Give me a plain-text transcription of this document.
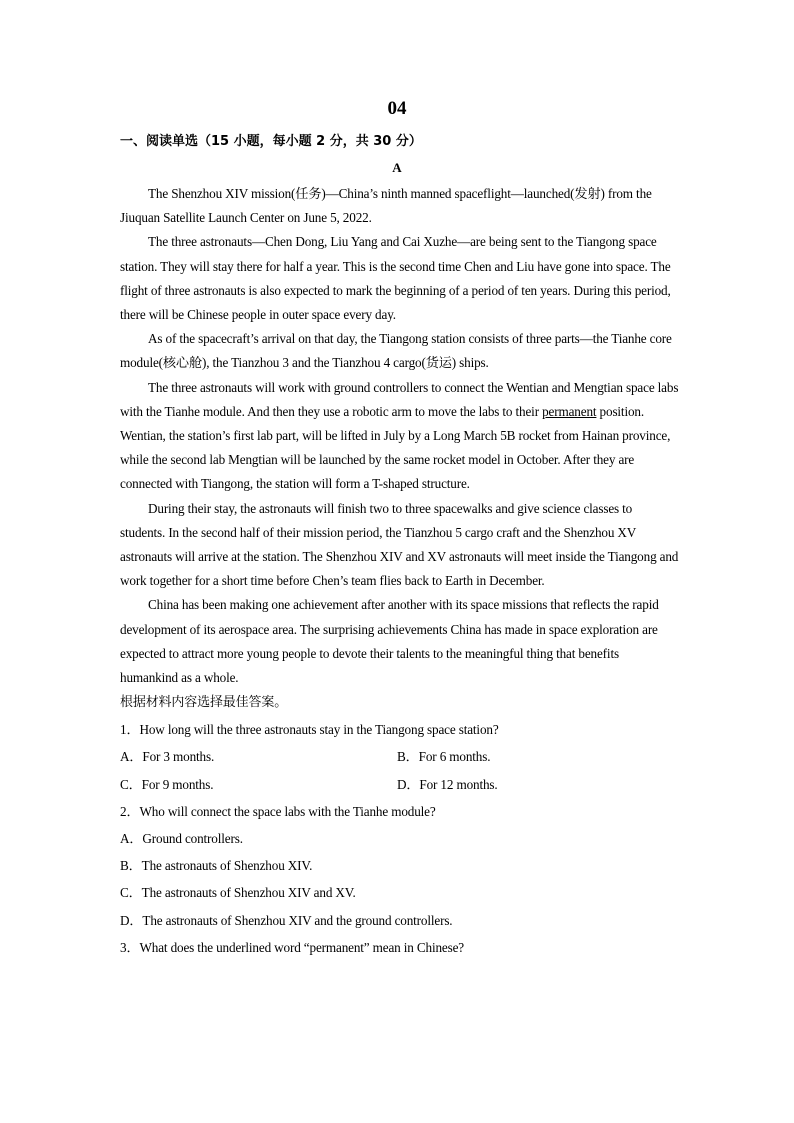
04
一、阅读单选（15 小题，每小题 2 分，共 30 分）
A

The Shenzhou XIV mission(任务)—China’s ninth manned spaceflight—launched(发射) from the Jiuquan Satellite Launch Center on June 5, 2022.

The three astronauts—Chen Dong, Liu Yang and Cai Xuzhe—are being sent to the Tiangong space station. They will stay there for half a year. This is the second time Chen and Liu have gone into space. The flight of three astronauts is also expected to mark the beginning of a period of ten years. During this period, there will be Chinese people in outer space every day.

As of the spacecraft’s arrival on that day, the Tiangong station consists of three parts—the Tianhe core module(核心舱), the Tianzhou 3 and the Tianzhou 4 cargo(货运) ships.

The three astronauts will work with ground controllers to connect the Wentian and Mengtian space labs with the Tianhe module. And then they use a robotic arm to move the labs to their permanent position. Wentian, the station’s first lab part, will be lifted in July by a Long March 5B rocket from Hainan province, while the second lab Mengtian will be launched by the same rocket model in October. After they are connected with Tiangong, the station will form a T-shaped structure.

During their stay, the astronauts will finish two to three spacewalks and give science classes to students. In the second half of their mission period, the Tianzhou 5 cargo craft and the Shenzhou XV astronauts will arrive at the station. The Shenzhou XIV and XV astronauts will meet inside the Tiangong and work together for a short time before Chen’s team flies back to Earth in December.

China has been making one achievement after another with its space missions that reflects the rapid development of its aerospace area. The surprising achievements China has made in space exploration are expected to attract more young people to devote their talents to the meaningful thing that benefits humankind as a whole.

根据材料内容选择最佳答案。

1．How long will the three astronauts stay in the Tiangong space station?

A．For 3 months.	B．For 6 months.
C．For 9 months.	D．For 12 months.

2．Who will connect the space labs with the Tianhe module?

A．Ground controllers.

B．The astronauts of Shenzhou XIV.

C．The astronauts of Shenzhou XIV and XV.

D．The astronauts of Shenzhou XIV and the ground controllers.

3．What does the underlined word “permanent” mean in Chinese?
